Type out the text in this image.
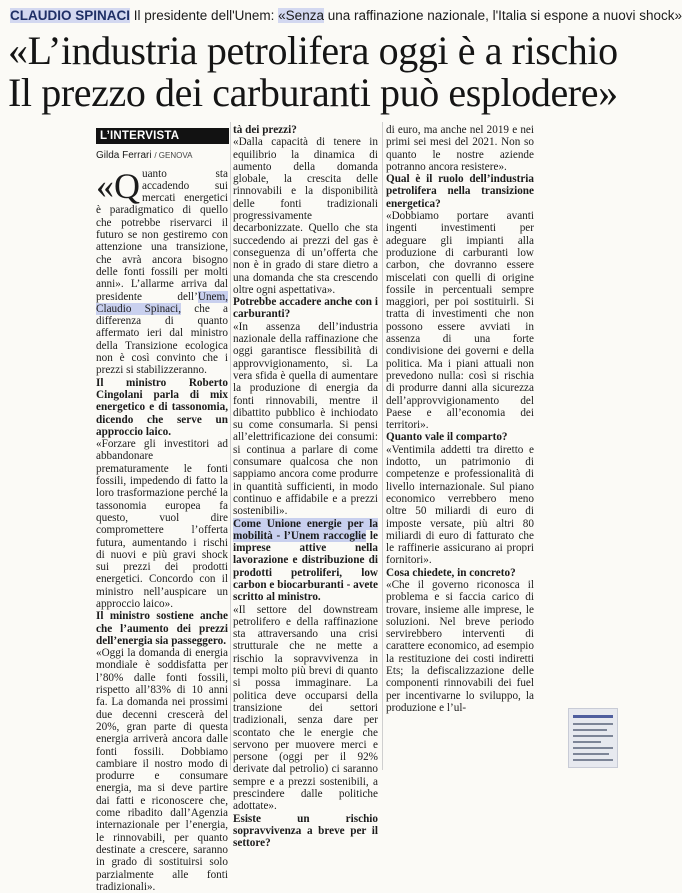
CLAUDIO SPINACI Il presidente dell'Unem: «Senza una raffinazione nazionale, l'Italia si espone a nuovi shock»
«L’industria petrolifera oggi è a rischio
Il prezzo dei carburanti può esplodere»
L’INTERVISTA
Gilda Ferrari / GENOVA

«Quanto sta accadendo sui mercati energetici è paradigmatico di quello che potrebbe riservarci il futuro se non gestiremo con attenzione una transizione, che avrà ancora bisogno delle fonti fossili per molti anni». L’allarme arriva dal presidente dell’Unem, Claudio Spinaci, che a differenza di quanto affermato ieri dal ministro della Transizione ecologica non è così convinto che i prezzi si stabilizzeranno.

Il ministro Roberto Cingolani parla di mix energetico e di tassonomia, dicendo che serve un approccio laico.

«Forzare gli investitori ad abbandonare prematuramente le fonti fossili, impedendo di fatto la loro trasformazione perché la tassonomia europea fa questo, vuol dire compromettere l’offerta futura, aumentando i rischi di nuovi e più gravi shock sui prezzi dei prodotti energetici. Concordo con il ministro nell’auspicare un approccio laico».

Il ministro sostiene anche che l’aumento dei prezzi dell’energia sia passeggero.

«Oggi la domanda di energia mondiale è soddisfatta per l’80% dalle fonti fossili, rispetto all’83% di 10 anni fa. La domanda nei prossimi due decenni crescerà del 20%, gran parte di questa energia arriverà ancora dalle fonti fossili. Dobbiamo cambiare il nostro modo di produrre e consumare energia, ma si deve partire dai fatti e riconoscere che, come ribadito dall’Agenzia internazionale per l’energia, le rinnovabili, per quanto destinate a crescere, saranno in grado di sostituirsi solo parzialmente alle fonti tradizionali».

tà dei prezzi?

«Dalla capacità di tenere in equilibrio la dinamica di aumento della domanda globale, la crescita delle rinnovabili e la disponibilità delle fonti tradizionali progressivamente decarbonizzate. Quello che sta succedendo ai prezzi del gas è conseguenza di un’offerta che non è in grado di stare dietro a una domanda che sta crescendo oltre ogni aspettativa».

Potrebbe accadere anche con i carburanti?

«In assenza dell’industria nazionale della raffinazione che oggi garantisce flessibilità di approvvigionamento, sì. La vera sfida è quella di aumentare la produzione di energia da fonti rinnovabili, mentre il dibattito pubblico è inchiodato su come consumarla. Si pensi all’elettrificazione dei consumi: si continua a parlare di come consumare qualcosa che non sappiamo ancora come produrre in quantità sufficienti, in modo continuo e affidabile e a prezzi sostenibili».

Come Unione energie per la mobilità - l’Unem raccoglie le imprese attive nella lavorazione e distribuzione di prodotti petroliferi, low carbon e biocarburanti - avete scritto al ministro.

«Il settore del downstream petrolifero e della raffinazione sta attraversando una crisi strutturale che ne mette a rischio la sopravvivenza in tempi molto più brevi di quanto si possa immaginare. La politica deve occuparsi della transizione dei settori tradizionali, senza dare per scontato che le energie che servono per muovere merci e persone (oggi per il 92% derivate dal petrolio) ci saranno sempre e a prezzi sostenibili, a prescindere dalle politiche adottate».

Esiste un rischio sopravvivenza a breve per il settore?

di euro, ma anche nel 2019 e nei primi sei mesi del 2021. Non so quanto le nostre aziende potranno ancora resistere».

Qual è il ruolo dell’industria petrolifera nella transizione energetica?

«Dobbiamo portare avanti ingenti investimenti per adeguare gli impianti alla produzione di carburanti low carbon, che dovranno essere miscelati con quelli di origine fossile in percentuali sempre maggiori, per poi sostituirli. Si tratta di investimenti che non possono essere avviati in assenza di una forte condivisione dei governi e della politica. Ma i piani attuali non prevedono nulla: così si rischia di produrre danni alla sicurezza dell’approvvigionamento del Paese e all’economia dei territori».

Quanto vale il comparto?

«Ventimila addetti tra diretto e indotto, un patrimonio di competenze e professionalità di livello internazionale. Sul piano economico verrebbero meno oltre 50 miliardi di euro di imposte versate, più altri 80 miliardi di euro di fatturato che le raffinerie assicurano ai propri fornitori».

Cosa chiedete, in concreto?

«Che il governo riconosca il problema e si faccia carico di trovare, insieme alle imprese, le soluzioni. Nel breve periodo servirebbero interventi di carattere economico, ad esempio la restituzione dei costi indiretti Ets; la defiscalizzazione delle componenti rinnovabili dei fuel per incentivarne lo sviluppo, la produzione e l’ul-
